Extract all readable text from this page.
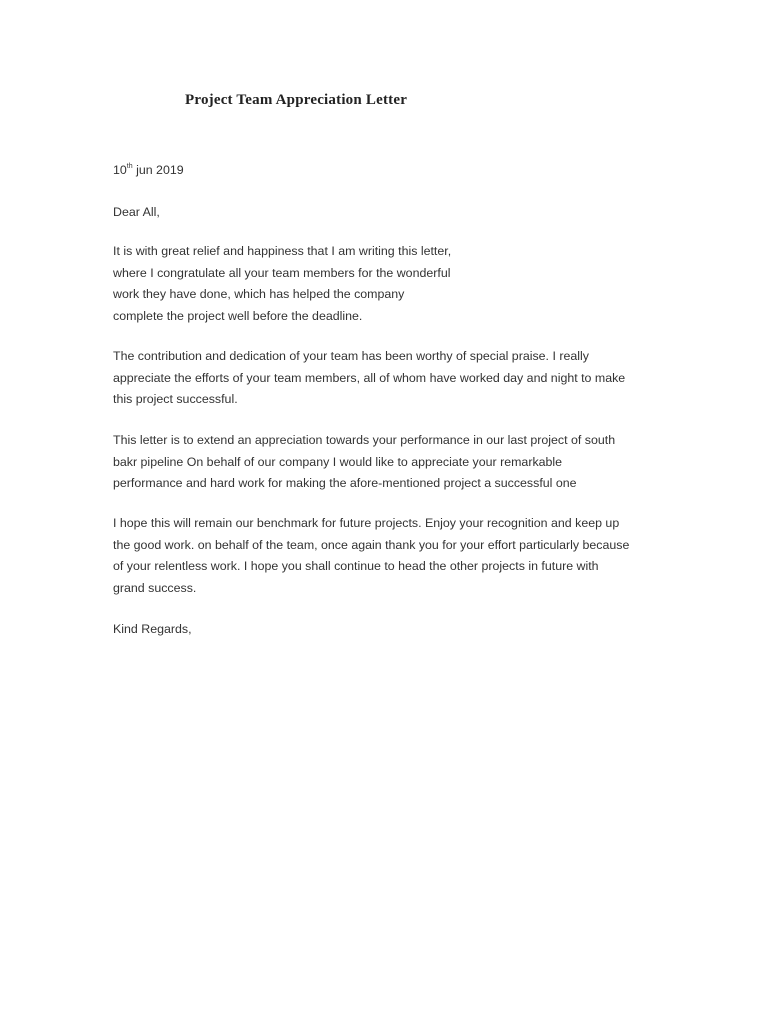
Project Team Appreciation Letter
10th jun 2019
Dear All,
It is with great relief and happiness that I am writing this letter, where I congratulate all your team members for the wonderful work they have done, which has helped the company complete the project well before the deadline.
The contribution and dedication of your team has been worthy of special praise. I really appreciate the efforts of your team members, all of whom have worked day and night to make this project successful.
This letter is to extend an appreciation towards your performance in our last project of south bakr pipeline On behalf of our company I would like to appreciate your remarkable performance and hard work for making the afore-mentioned project a successful one
I hope this will remain our benchmark for future projects. Enjoy your recognition and keep up the good work. on behalf of the team, once again thank you for your effort particularly because of your relentless work. I hope you shall continue to head the other projects in future with grand success.
Kind Regards,
